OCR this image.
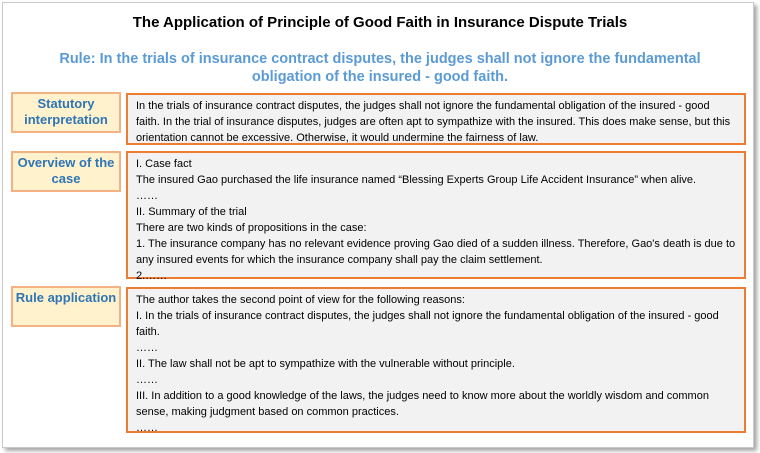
The Application of Principle of Good Faith in Insurance Dispute Trials
Rule: In the trials of insurance contract disputes, the judges shall not ignore the fundamental obligation of the insured - good faith.
Statutory interpretation
In the trials of insurance contract disputes, the judges shall not ignore the fundamental obligation of the insured - good faith. In the trial of insurance disputes, judges are often apt to sympathize with the insured. This does make sense, but this orientation cannot be excessive. Otherwise, it would undermine the fairness of law.
Overview of the case
I. Case fact
The insured Gao purchased the life insurance named “Blessing Experts Group Life Accident Insurance” when alive.
……
II. Summary of the trial
There are two kinds of propositions in the case:
1. The insurance company has no relevant evidence proving Gao died of a sudden illness. Therefore, Gao's death is due to any insured events for which the insurance company shall pay the claim settlement.
2.……
Rule application	The author takes the second point of view for the following reasons:
I. In the trials of insurance contract disputes, the judges shall not ignore the fundamental obligation of the insured - good faith.
……
II. The law shall not be apt to sympathize with the vulnerable without principle.
……
III. In addition to a good knowledge of the laws, the judges need to know more about the worldly wisdom and common sense, making judgment based on common practices.
……
